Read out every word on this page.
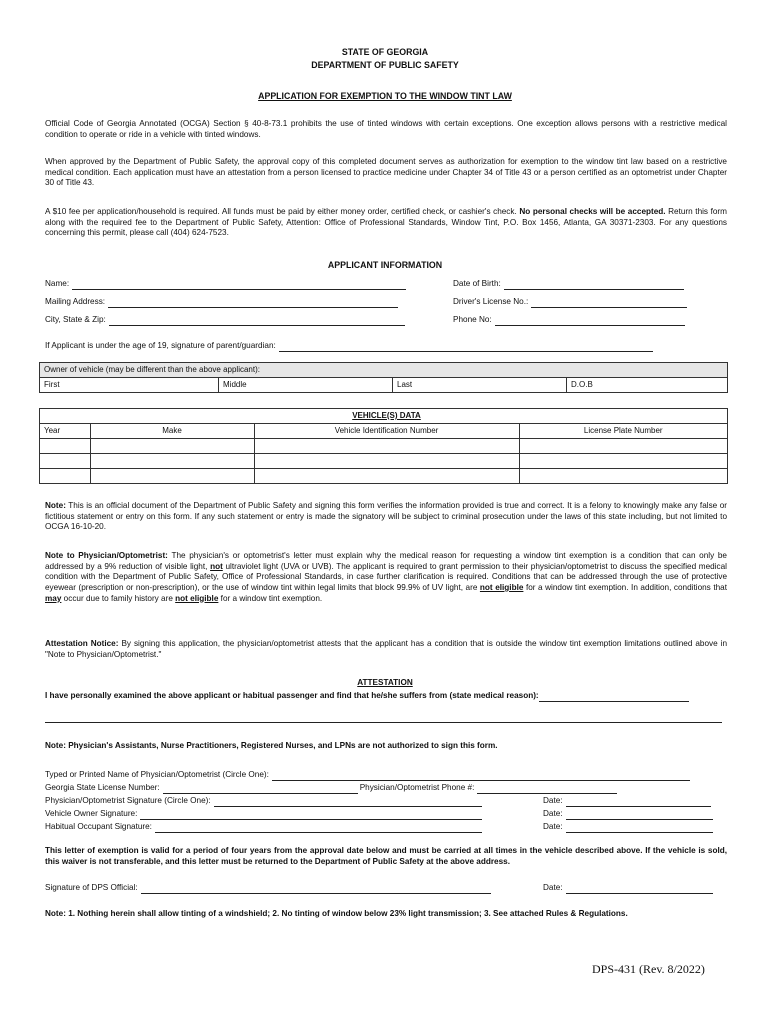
STATE OF GEORGIA
DEPARTMENT OF PUBLIC SAFETY
APPLICATION FOR EXEMPTION TO THE WINDOW TINT LAW
Official Code of Georgia Annotated (OCGA) Section § 40-8-73.1 prohibits the use of tinted windows with certain exceptions. One exception allows persons with a restrictive medical condition to operate or ride in a vehicle with tinted windows.
When approved by the Department of Public Safety, the approval copy of this completed document serves as authorization for exemption to the window tint law based on a restrictive medical condition. Each application must have an attestation from a person licensed to practice medicine under Chapter 34 of Title 43 or a person certified as an optometrist under Chapter 30 of Title 43.
A $10 fee per application/household is required. All funds must be paid by either money order, certified check, or cashier's check. No personal checks will be accepted. Return this form along with the required fee to the Department of Public Safety, Attention: Office of Professional Standards, Window Tint, P.O. Box 1456, Atlanta, GA 30371-2303. For any questions concerning this permit, please call (404) 624-7523.
APPLICANT INFORMATION
Name:	Date of Birth:
Mailing Address:	Driver's License No.:
City, State & Zip:	Phone No:
If Applicant is under the age of 19, signature of parent/guardian:
Owner of vehicle (may be different than the above applicant):
First	Middle	Last	D.O.B
		VEHICLE(S) DATA	
Year	Make	Vehicle Identification Number	License Plate Number

Note: This is an official document of the Department of Public Safety and signing this form verifies the information provided is true and correct. It is a felony to knowingly make any false or fictitious statement or entry on this form. If any such statement or entry is made the signatory will be subject to criminal prosecution under the laws of this state including, but not limited to OCGA 16-10-20.
Note to Physician/Optometrist: The physician's or optometrist's letter must explain why the medical reason for requesting a window tint exemption is a condition that can only be addressed by a 9% reduction of visible light, not ultraviolet light (UVA or UVB). The applicant is required to grant permission to their physician/optometrist to discuss the specified medical condition with the Department of Public Safety, Office of Professional Standards, in case further clarification is required. Conditions that can be addressed through the use of protective eyewear (prescription or non-prescription), or the use of window tint within legal limits that block 99.9% of UV light, are not eligible for a window tint exemption. In addition, conditions that may occur due to family history are not eligible for a window tint exemption.
Attestation Notice: By signing this application, the physician/optometrist attests that the applicant has a condition that is outside the window tint exemption limitations outlined above in "Note to Physician/Optometrist."
ATTESTATION
I have personally examined the above applicant or habitual passenger and find that he/she suffers from (state medical reason):
Note: Physician's Assistants, Nurse Practitioners, Registered Nurses, and LPNs are not authorized to sign this form.
Typed or Printed Name of Physician/Optometrist (Circle One):
Georgia State License Number:	Physician/Optometrist Phone #:
Physician/Optometrist Signature (Circle One):	Date:
Vehicle Owner Signature:	Date:
Habitual Occupant Signature:	Date:
This letter of exemption is valid for a period of four years from the approval date below and must be carried at all times in the vehicle described above. If the vehicle is sold, this waiver is not transferable, and this letter must be returned to the Department of Public Safety at the above address.
Signature of DPS Official:	Date:
Note: 1. Nothing herein shall allow tinting of a windshield; 2. No tinting of window below 23% light transmission; 3. See attached Rules & Regulations.
DPS-431 (Rev. 8/2022)
